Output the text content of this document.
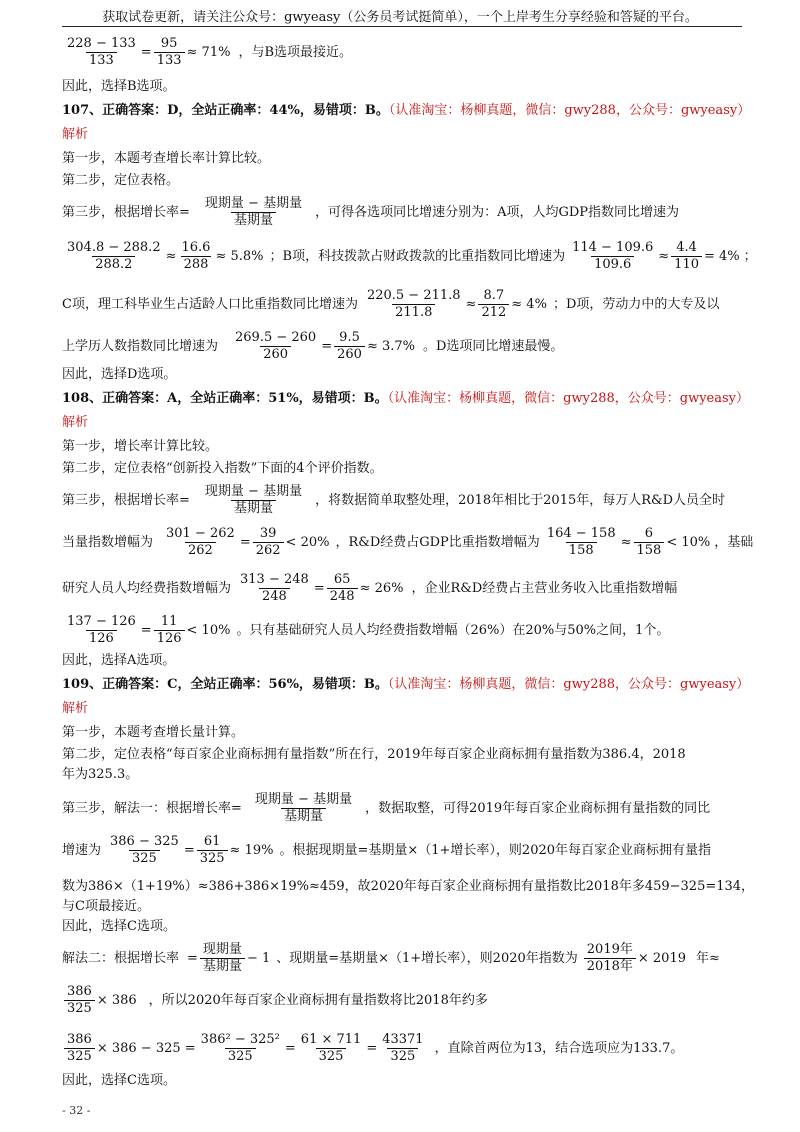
获取试卷更新，请关注公众号：gwyeasy（公务员考试挺简单），一个上岸考生分享经验和答疑的平台。
$\frac{228 - 133}{133} = \frac{95}{133} \approx 71\%$ ，与B选项最接近。
因此，选择B选项。
107、正确答案：D，全站正确率：44%，易错项：B。（认准淘宝：杨柳真题，微信：gwy288，公众号：gwyeasy）
解析
第一步，本题考查增长率计算比较。
第二步，定位表格。
第三步，根据增长率= $\frac{\text{现期量 − 基期量}}{\text{基期量}}$ ，可得各选项同比增速分别为：A项，人均GDP指数同比增速为
$\frac{304.8 - 288.2}{288.2} \approx \frac{16.6}{288} \approx 5.8\%$ ；B项，科技拨款占财政拨款的比重指数同比增速为 $\frac{114 - 109.6}{109.6} \approx \frac{4.4}{110} = 4\%$ ；
C项，理工科毕业生占适龄人口比重指数同比增速为 $\frac{220.5 - 211.8}{211.8} \approx \frac{8.7}{212} \approx 4\%$ ；D项，劳动力中的大专及以
上学历人数指数同比增速为 $\frac{269.5 - 260}{260} = \frac{9.5}{260} \approx 3.7\%$ 。D选项同比增速最慢。
因此，选择D选项。
108、正确答案：A，全站正确率：51%，易错项：B。（认准淘宝：杨柳真题，微信：gwy288，公众号：gwyeasy）
解析
第一步，增长率计算比较。
第二步，定位表格“创新投入指数”下面的4个评价指数。
第三步，根据增长率= $\frac{\text{现期量 − 基期量}}{\text{基期量}}$ ，将数据简单取整处理，2018年相比于2015年，每万人R&D人员全时
当量指数增幅为 $\frac{301 - 262}{262} = \frac{39}{262} < 20\%$ ，R&D经费占GDP比重指数增幅为 $\frac{164 - 158}{158} \approx \frac{6}{158} < 10\%$ ，基础
研究人员人均经费指数增幅为 $\frac{313 - 248}{248} = \frac{65}{248} \approx 26\%$ ，企业R&D经费占主营业务收入比重指数增幅
$\frac{137 - 126}{126} = \frac{11}{126} < 10\%$ 。只有基础研究人员人均经费指数增幅（26%）在20%与50%之间，1个。
因此，选择A选项。
109、正确答案：C，全站正确率：56%，易错项：B。（认准淘宝：杨柳真题，微信：gwy288，公众号：gwyeasy）
解析
第一步，本题考查增长量计算。
第二步，定位表格“每百家企业商标拥有量指数”所在行，2019年每百家企业商标拥有量指数为386.4，2018
年为325.3。
第三步，解法一：根据增长率= $\frac{\text{现期量 − 基期量}}{\text{基期量}}$ ，数据取整，可得2019年每百家企业商标拥有量指数的同比
增速为 $\frac{386 - 325}{325} = \frac{61}{325} \approx 19\%$ 。根据现期量=基期量×（1+增长率），则2020年每百家企业商标拥有量指
数为386×（1+19%）≈386+386×19%≈459，故2020年每百家企业商标拥有量指数比2018年多459−325=134，
与C项最接近。
因此，选择C选项。
解法二：根据增长率 = $\frac{\text{现期量}}{\text{基期量}} - 1$ 、现期量=基期量×（1+增长率），则2020年指数为 $\frac{\text{2019年}}{\text{2018年}} \times 2019$ 年≈
$\frac{386}{325} \times 386$ ，所以2020年每百家企业商标拥有量指数将比2018年约多
$\frac{386}{325} \times 386 - 325 = \frac{\text{386² − 325²}}{325} = \frac{61 \times 711}{325} = \frac{43371}{325}$ ，直除首两位为13，结合选项应为133.7。
因此，选择C选项。
- 32 -
